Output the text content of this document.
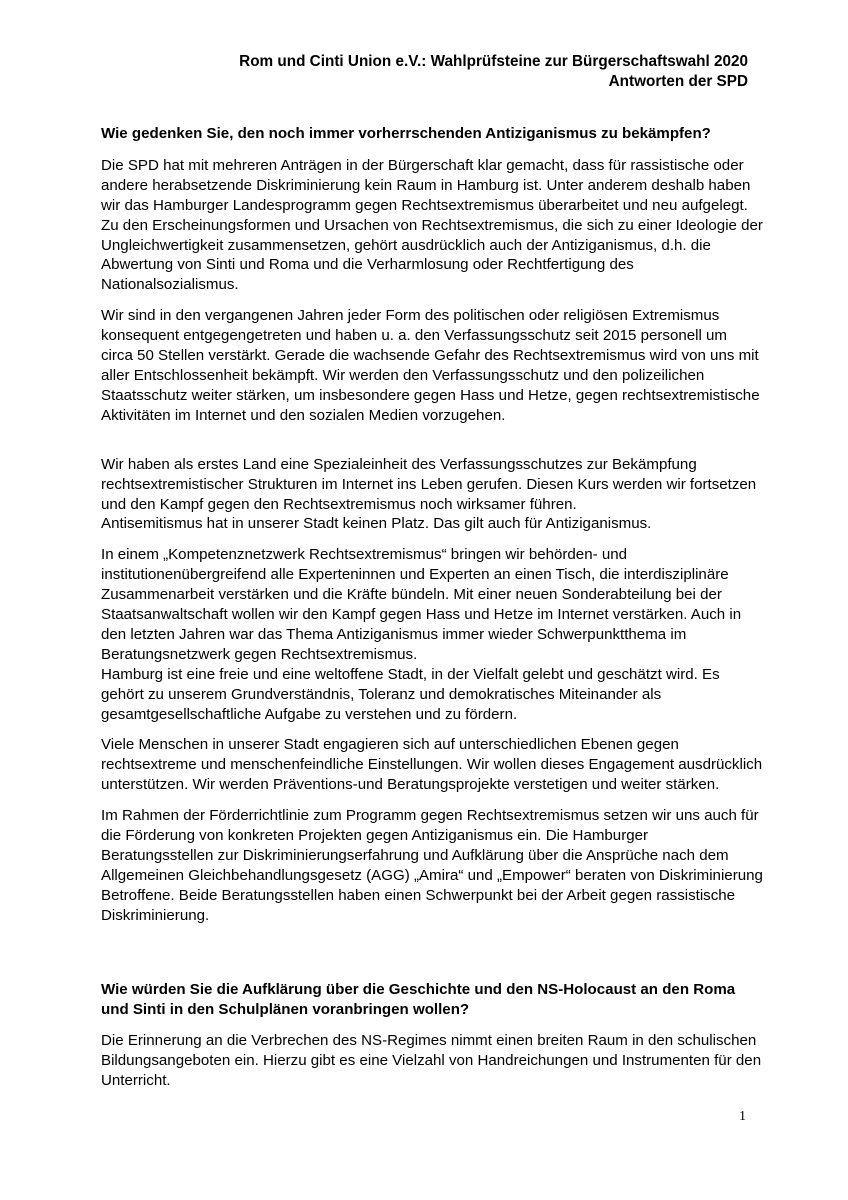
Rom und Cinti Union e.V.: Wahlprüfsteine zur Bürgerschaftswahl 2020
Antworten der SPD
Wie gedenken Sie, den noch immer vorherrschenden Antiziganismus zu bekämpfen?

Die SPD hat mit mehreren Anträgen in der Bürgerschaft klar gemacht, dass für rassistische oder andere herabsetzende Diskriminierung kein Raum in Hamburg ist. Unter anderem deshalb haben wir das Hamburger Landesprogramm gegen Rechtsextremismus überarbeitet und neu aufgelegt. Zu den Erscheinungsformen und Ursachen von Rechtsextremismus, die sich zu einer Ideologie der Ungleichwertigkeit zusammensetzen, gehört ausdrücklich auch der Antiziganismus, d.h. die Abwertung von Sinti und Roma und die Verharmlosung oder Rechtfertigung des Nationalsozialismus.

Wir sind in den vergangenen Jahren jeder Form des politischen oder religiösen Extremismus konsequent entgegengetreten und haben u. a. den Verfassungsschutz seit 2015 personell um circa 50 Stellen verstärkt. Gerade die wachsende Gefahr des Rechtsextremismus wird von uns mit aller Entschlossenheit bekämpft. Wir werden den Verfassungsschutz und den polizeilichen Staatsschutz weiter stärken, um insbesondere gegen Hass und Hetze, gegen rechtsextremistische Aktivitäten im Internet und den sozialen Medien vorzugehen.

Wir haben als erstes Land eine Spezialeinheit des Verfassungsschutzes zur Bekämpfung rechtsextremistischer Strukturen im Internet ins Leben gerufen. Diesen Kurs werden wir fortsetzen und den Kampf gegen den Rechtsextremismus noch wirksamer führen.

Antisemitismus hat in unserer Stadt keinen Platz. Das gilt auch für Antiziganismus.

In einem „Kompetenznetzwerk Rechtsextremismus“ bringen wir behörden- und institutionenübergreifend alle Experteninnen und Experten an einen Tisch, die interdisziplinäre Zusammenarbeit verstärken und die Kräfte bündeln. Mit einer neuen Sonderabteilung bei der Staatsanwaltschaft wollen wir den Kampf gegen Hass und Hetze im Internet verstärken. Auch in den letzten Jahren war das Thema Antiziganismus immer wieder Schwerpunktthema im Beratungsnetzwerk gegen Rechtsextremismus.

Hamburg ist eine freie und eine weltoffene Stadt, in der Vielfalt gelebt und geschätzt wird. Es gehört zu unserem Grundverständnis, Toleranz und demokratisches Miteinander als gesamtgesellschaftliche Aufgabe zu verstehen und zu fördern.

Viele Menschen in unserer Stadt engagieren sich auf unterschiedlichen Ebenen gegen rechtsextreme und menschenfeindliche Einstellungen. Wir wollen dieses Engagement ausdrücklich unterstützen. Wir werden Präventions-und Beratungsprojekte verstetigen und weiter stärken.

Im Rahmen der Förderrichtlinie zum Programm gegen Rechtsextremismus setzen wir uns auch für die Förderung von konkreten Projekten gegen Antiziganismus ein. Die Hamburger Beratungsstellen zur Diskriminierungserfahrung und Aufklärung über die Ansprüche nach dem Allgemeinen Gleichbehandlungsgesetz (AGG) „Amira“ und „Empower“ beraten von Diskriminierung Betroffene. Beide Beratungsstellen haben einen Schwerpunkt bei der Arbeit gegen rassistische Diskriminierung.

Wie würden Sie die Aufklärung über die Geschichte und den NS-Holocaust an den Roma und Sinti in den Schulplänen voranbringen wollen?

Die Erinnerung an die Verbrechen des NS-Regimes nimmt einen breiten Raum in den schulischen Bildungsangeboten ein. Hierzu gibt es eine Vielzahl von Handreichungen und Instrumenten für den Unterricht.

1
